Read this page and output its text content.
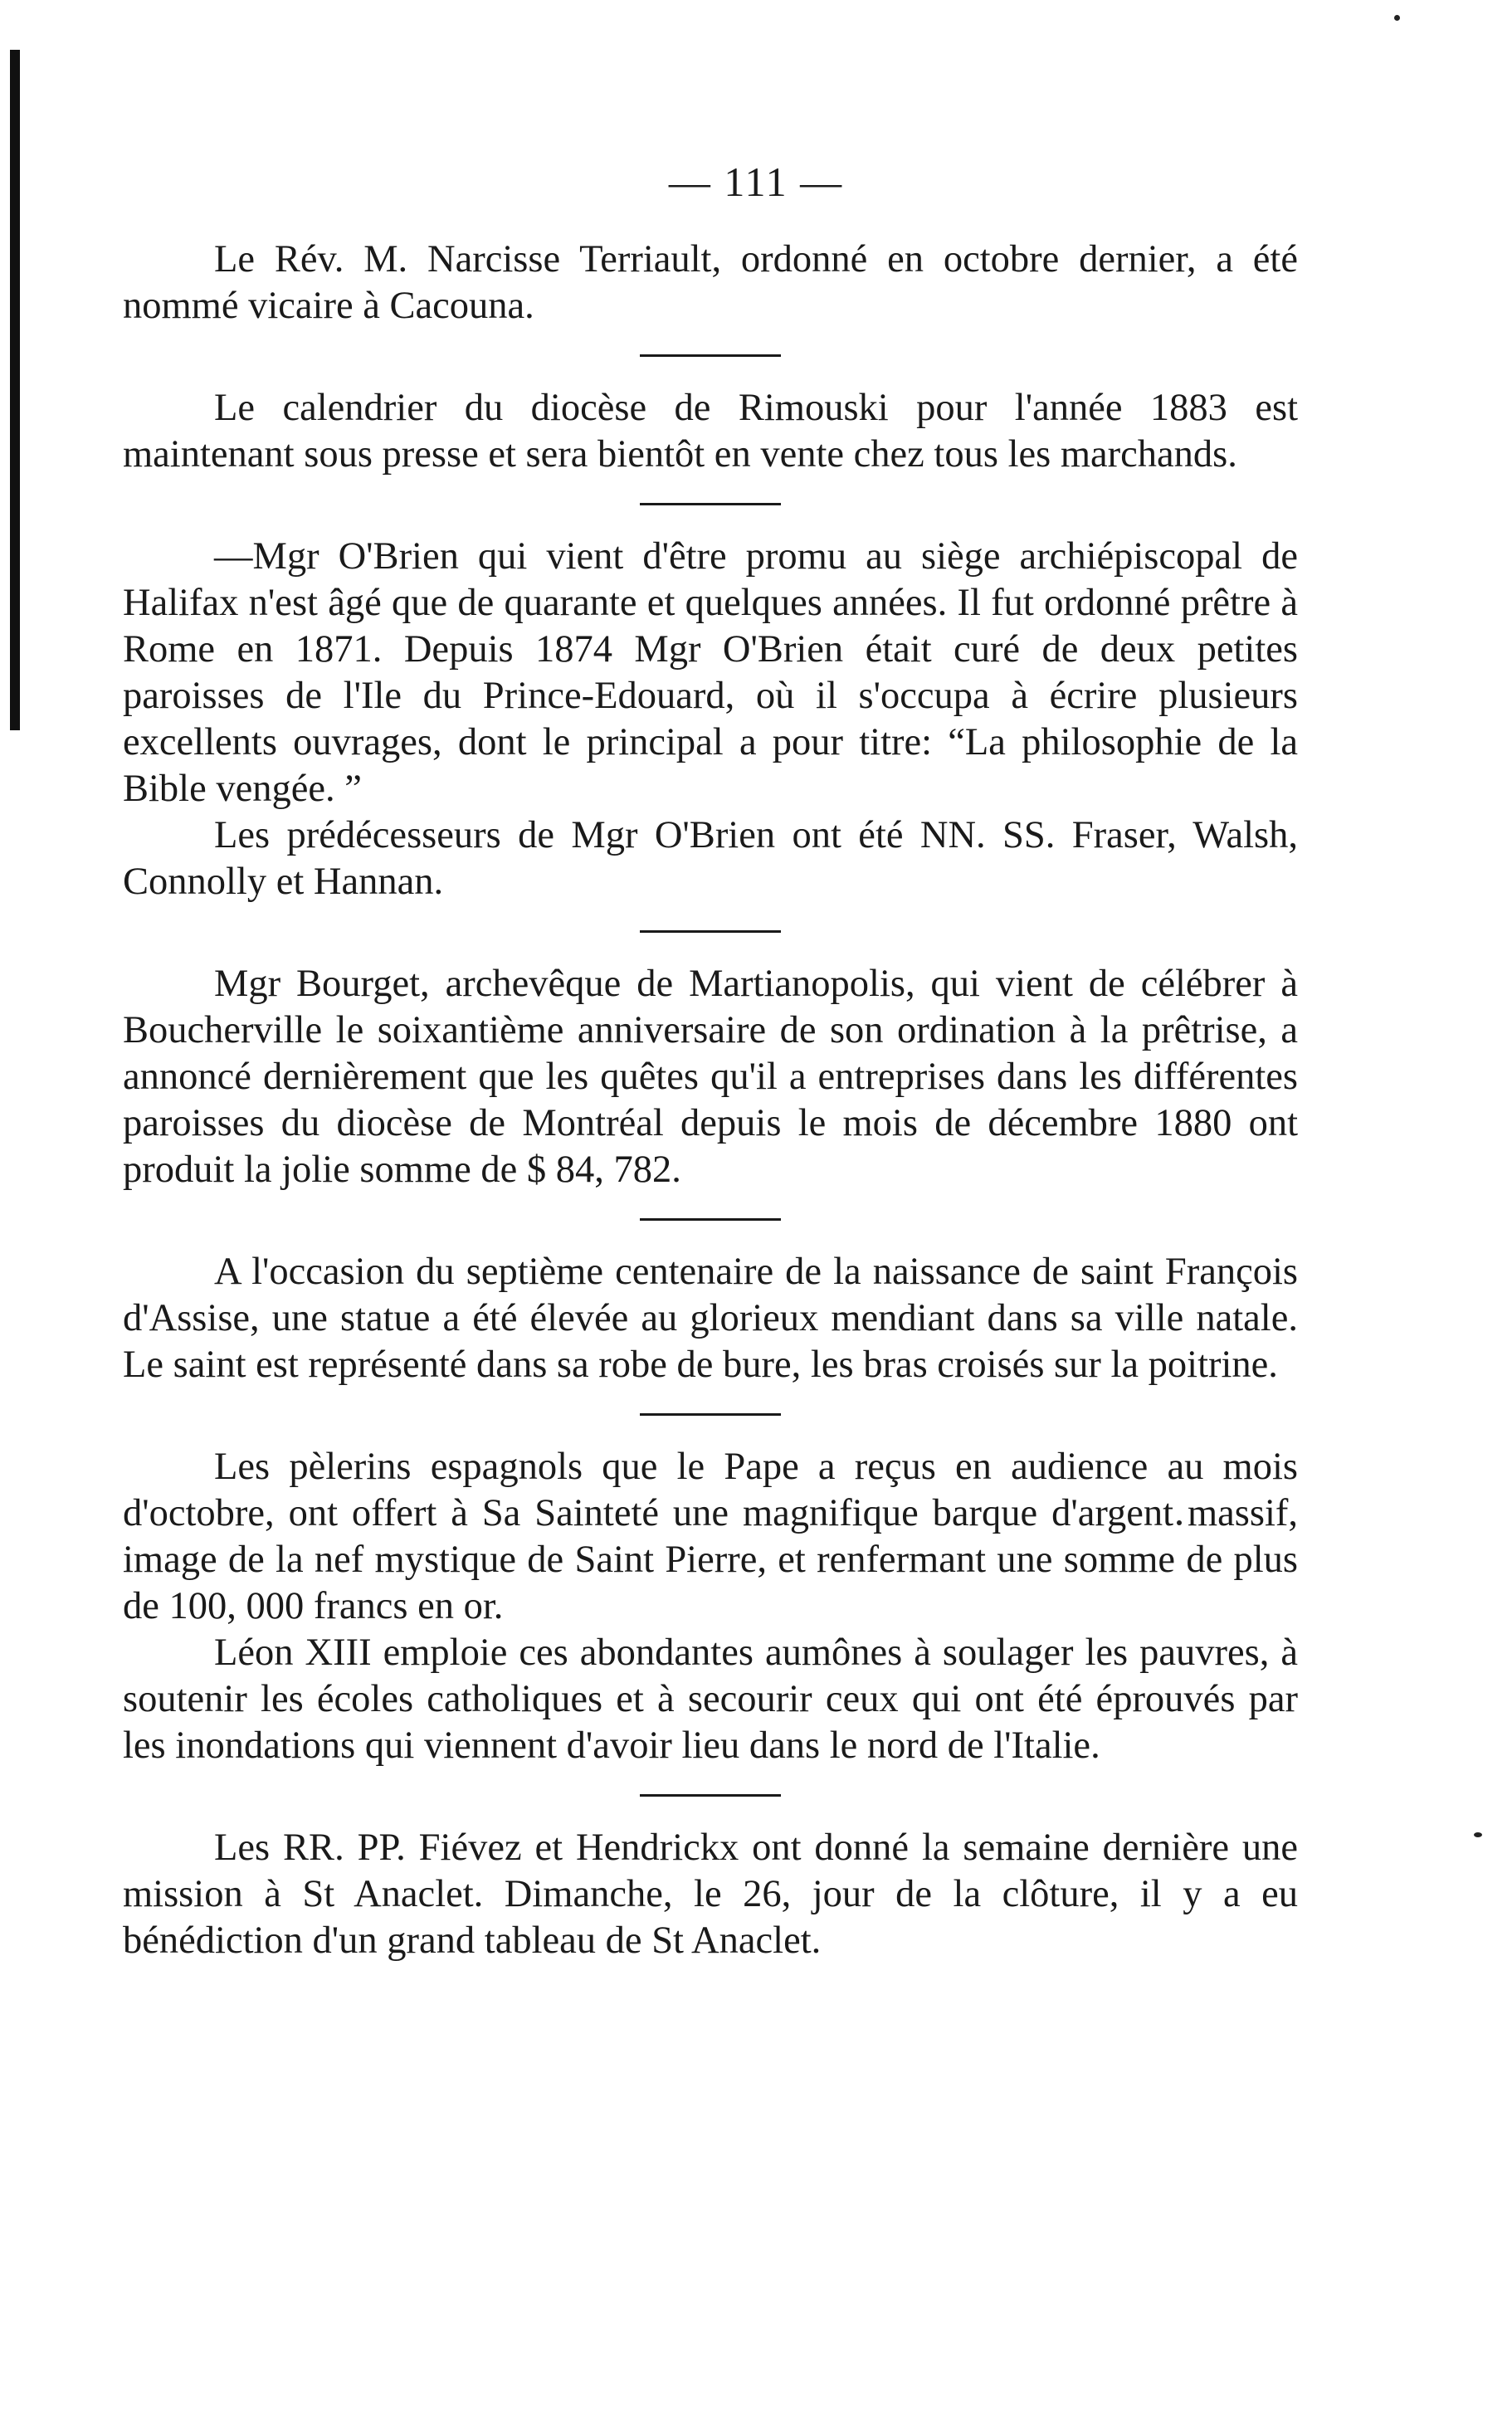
— 111 —

Le Rév. M. Narcisse Terriault, ordonné en octobre dernier, a été nommé vicaire à Cacouna.

Le calendrier du diocèse de Rimouski pour l'année 1883 est maintenant sous presse et sera bientôt en vente chez tous les marchands.

—Mgr O'Brien qui vient d'être promu au siège archiépiscopal de Halifax n'est âgé que de quarante et quelques années. Il fut ordonné prêtre à Rome en 1871. Depuis 1874 Mgr O'Brien était curé de deux petites paroisses de l'Ile du Prince-Edouard, où il s'occupa à écrire plusieurs excellents ouvrages, dont le principal a pour titre: “La philosophie de la Bible vengée. ”

Les prédécesseurs de Mgr O'Brien ont été NN. SS. Fraser, Walsh, Connolly et Hannan.

Mgr Bourget, archevêque de Martianopolis, qui vient de célébrer à Boucherville le soixantième anniversaire de son ordination à la prêtrise, a annoncé dernièrement que les quêtes qu'il a entreprises dans les différentes paroisses du diocèse de Montréal depuis le mois de décembre 1880 ont produit la jolie somme de $ 84, 782.

A l'occasion du septième centenaire de la naissance de saint François d'Assise, une statue a été élevée au glorieux mendiant dans sa ville natale. Le saint est représenté dans sa robe de bure, les bras croisés sur la poitrine.

Les pèlerins espagnols que le Pape a reçus en audience au mois d'octobre, ont offert à Sa Sainteté une magnifique barque d'argent massif, image de la nef mystique de Saint Pierre, et renfermant une somme de plus de 100, 000 francs en or.

Léon XIII emploie ces abondantes aumônes à soulager les pauvres, à soutenir les écoles catholiques et à secourir ceux qui ont été éprouvés par les inondations qui viennent d'avoir lieu dans le nord de l'Italie.

Les RR. PP. Fiévez et Hendrickx ont donné la semaine dernière une mission à St Anaclet. Dimanche, le 26, jour de la clôture, il y a eu bénédiction d'un grand tableau de St Anaclet.
